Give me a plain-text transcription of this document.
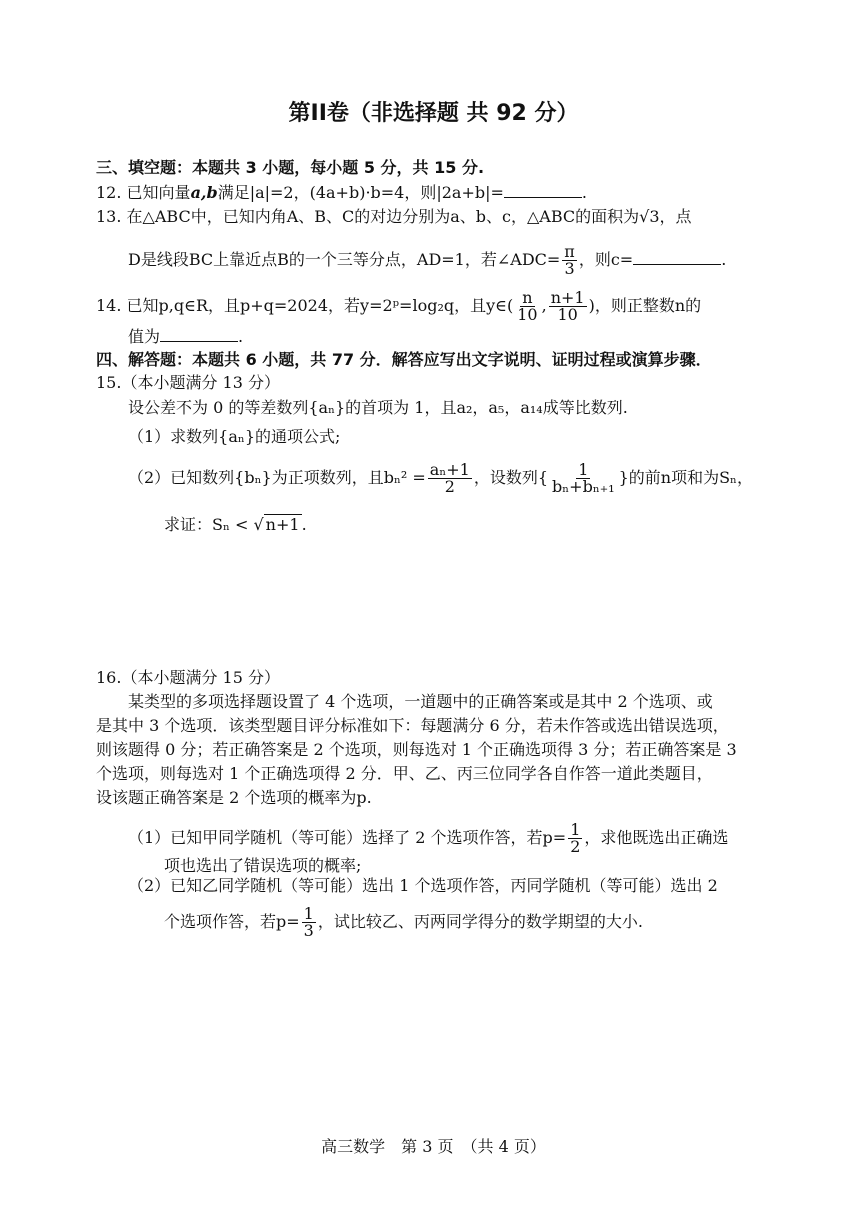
第II卷（非选择题 共 92 分）
三、填空题：本题共 3 小题，每小题 5 分，共 15 分.
12. 已知向量a,b满足|a|=2，(4a+b)·b=4，则|2a+b|=	.
13. 在△ABC中，已知内角A、B、C的对边分别为a、b、c，△ABC的面积为√3，点
D是线段BC上靠近点B的一个三等分点，AD=1，若∠ADC= $\frac{\pi}{3}$ ，则c=	.
14. 已知p,q∈R，且p+q=2024，若y=2ᵖ=log₂q，且y∈( $\frac{n}{10}$ , $\frac{n+1}{10}$ )，则正整数n的
值为	.
四、解答题：本题共 6 小题，共 77 分．解答应写出文字说明、证明过程或演算步骤．
15.（本小题满分 13 分）
设公差不为 0 的等差数列{aₙ}的首项为 1，且a₂，a₅，a₁₄成等比数列.
（1）求数列{aₙ}的通项公式;
（2）已知数列{bₙ}为正项数列，且$b_n^2 = \frac{\text{aₙ+1}}{2}$ ，设数列{ $\frac{1}{\text{bₙ+bₙ₊₁}}$ }的前n项和为Sₙ，
求证：Sₙ < √ n+1 .
16.（本小题满分 15 分）
某类型的多项选择题设置了 4 个选项，一道题中的正确答案或是其中 2 个选项、或
是其中 3 个选项．该类型题目评分标准如下：每题满分 6 分，若未作答或选出错误选项，
则该题得 0 分；若正确答案是 2 个选项，则每选对 1 个正确选项得 3 分；若正确答案是 3
个选项，则每选对 1 个正确选项得 2 分．甲、乙、丙三位同学各自作答一道此类题目，
设该题正确答案是 2 个选项的概率为p.
（1）已知甲同学随机（等可能）选择了 2 个选项作答，若$p= \frac{1}{2}$ ，求他既选出正确选
项也选出了错误选项的概率;
（2）已知乙同学随机（等可能）选出 1 个选项作答，丙同学随机（等可能）选出 2
个选项作答，若$p= \frac{1}{3}$ ，试比较乙、丙两同学得分的数学期望的大小.
高三数学　第 3 页　（共 4 页）
